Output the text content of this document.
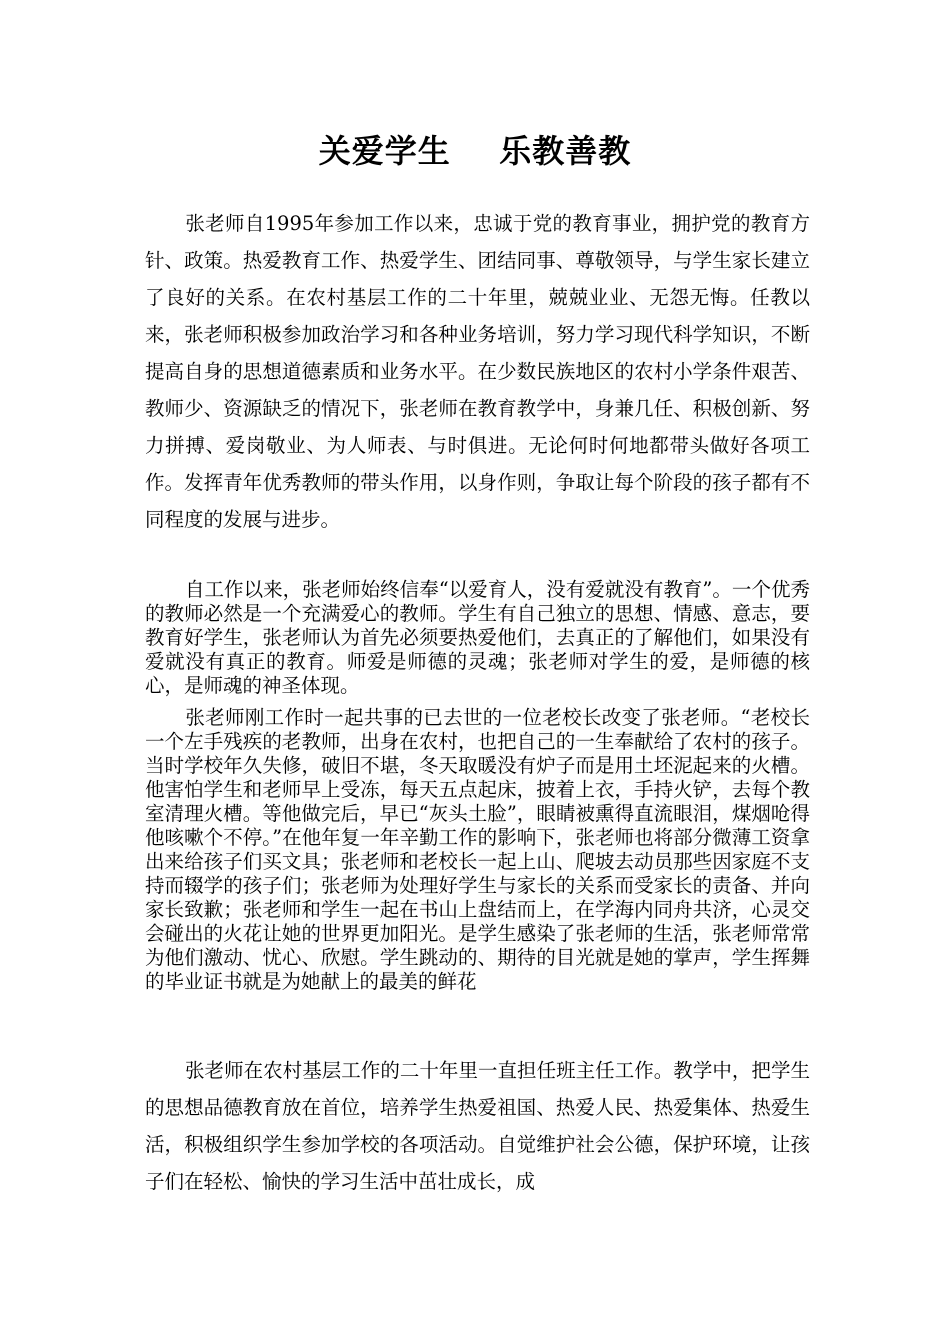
关爱学生    乐教善教

张老师自1995年参加工作以来，忠诚于党的教育事业，拥护党的教育方针、政策。热爱教育工作、热爱学生、团结同事、尊敬领导，与学生家长建立了良好的关系。在农村基层工作的二十年里，兢兢业业、无怨无悔。任教以来，张老师积极参加政治学习和各种业务培训，努力学习现代科学知识，不断提高自身的思想道德素质和业务水平。在少数民族地区的农村小学条件艰苦、教师少、资源缺乏的情况下，张老师在教育教学中，身兼几任、积极创新、努力拼搏、爱岗敬业、为人师表、与时俱进。无论何时何地都带头做好各项工作。发挥青年优秀教师的带头作用，以身作则，争取让每个阶段的孩子都有不同程度的发展与进步。

自工作以来，张老师始终信奉“以爱育人，没有爱就没有教育”。一个优秀的教师必然是一个充满爱心的教师。学生有自己独立的思想、情感、意志，要教育好学生，张老师认为首先必须要热爱他们，去真正的了解他们，如果没有爱就没有真正的教育。师爱是师德的灵魂；张老师对学生的爱，是师德的核心，是师魂的神圣体现。

张老师刚工作时一起共事的已去世的一位老校长改变了张老师。“老校长一个左手残疾的老教师，出身在农村，也把自己的一生奉献给了农村的孩子。当时学校年久失修，破旧不堪，冬天取暖没有炉子而是用土坯泥起来的火槽。他害怕学生和老师早上受冻，每天五点起床，披着上衣，手持火铲，去每个教室清理火槽。等他做完后，早已“灰头土脸”，眼睛被熏得直流眼泪，煤烟呛得他咳嗽个不停。”在他年复一年辛勤工作的影响下，张老师也将部分微薄工资拿出来给孩子们买文具；张老师和老校长一起上山、爬坡去动员那些因家庭不支持而辍学的孩子们；张老师为处理好学生与家长的关系而受家长的责备、并向家长致歉；张老师和学生一起在书山上盘结而上，在学海内同舟共济，心灵交会碰出的火花让她的世界更加阳光。是学生感染了张老师的生活，张老师常常为他们激动、忧心、欣慰。学生跳动的、期待的目光就是她的掌声，学生挥舞的毕业证书就是为她献上的最美的鲜花

张老师在农村基层工作的二十年里一直担任班主任工作。教学中，把学生的思想品德教育放在首位，培养学生热爱祖国、热爱人民、热爱集体、热爱生活，积极组织学生参加学校的各项活动。自觉维护社会公德，保护环境，让孩子们在轻松、愉快的学习生活中茁壮成长，成
